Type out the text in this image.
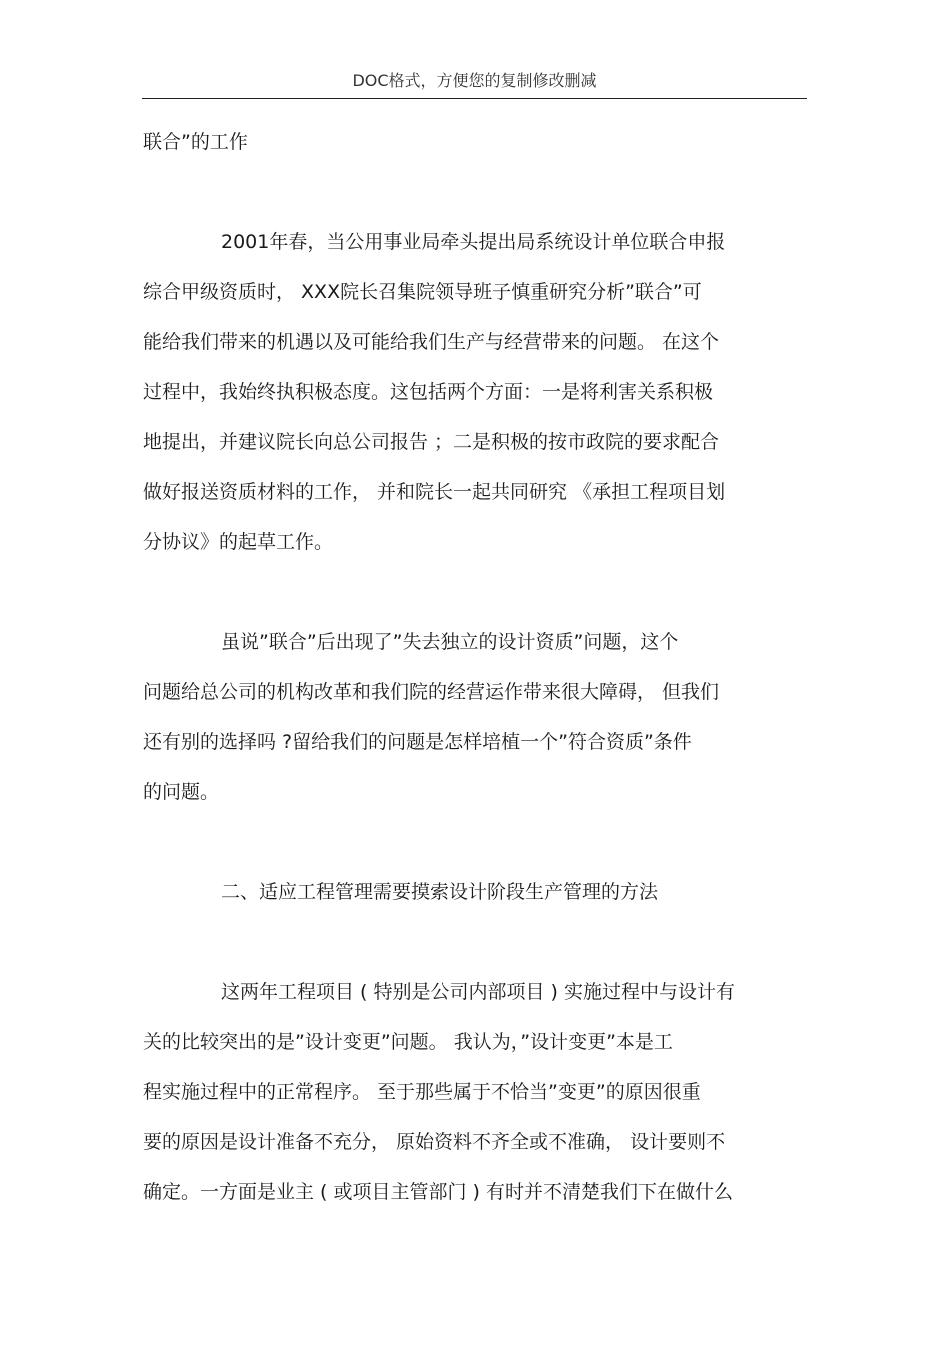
DOC格式，方便您的复制修改删减
联合”的工作
2001年春，当公用事业局牵头提出局系统设计单位联合申报
综合甲级资质时， XXX院长召集院领导班子慎重研究分析”联合”可
能给我们带来的机遇以及可能给我们生产与经营带来的问题。 在这个
过程中，我始终执积极态度。这包括两个方面：一是将利害关系积极
地提出，并建议院长向总公司报告 ；二是积极的按市政院的要求配合
做好报送资质材料的工作， 并和院长一起共同研究 《承担工程项目划
分协议》的起草工作。
虽说”联合”后出现了”失去独立的设计资质”问题，这个
问题给总公司的机构改革和我们院的经营运作带来很大障碍， 但我们
还有别的选择吗 ?留给我们的问题是怎样培植一个”符合资质”条件
的问题。
二、适应工程管理需要摸索设计阶段生产管理的方法
这两年工程项目 ( 特别是公司内部项目 ) 实施过程中与设计有
关的比较突出的是”设计变更”问题。 我认为，”设计变更”本是工
程实施过程中的正常程序。 至于那些属于不恰当”变更”的原因很重
要的原因是设计准备不充分， 原始资料不齐全或不准确， 设计要则不
确定。一方面是业主 ( 或项目主管部门 ) 有时并不清楚我们下在做什么
